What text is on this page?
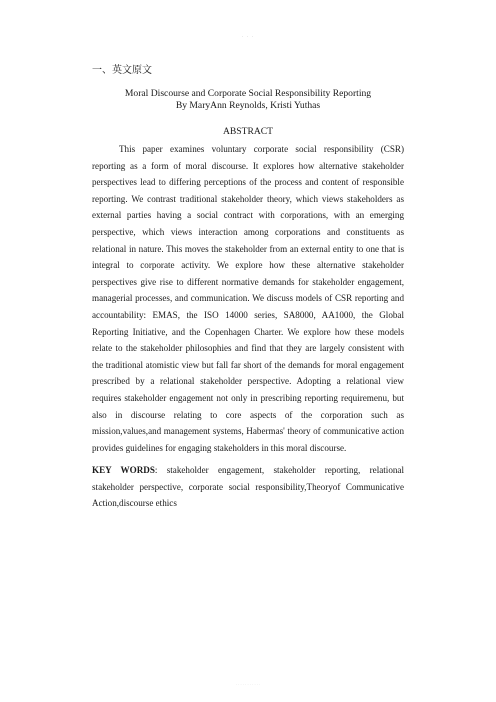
· · ·
一、英文原文
Moral Discourse and Corporate Social Responsibility Reporting
By MaryAnn Reynolds, Kristi Yuthas
ABSTRACT
This paper examines voluntary corporate social responsibility (CSR) reporting as a form of moral discourse. It explores how alternative stakeholder perspectives lead to differing perceptions of the process and content of responsible reporting. We contrast traditional stakeholder theory, which views stakeholders as external parties having a social contract with corporations, with an emerging perspective, which views interaction among corporations and constituents as relational in nature. This moves the stakeholder from an external entity to one that is integral to corporate activity. We explore how these alternative stakeholder perspectives give rise to different normative demands for stakeholder engagement, managerial processes, and communication. We discuss models of CSR reporting and accountability: EMAS, the ISO 14000 series, SA8000, AA1000, the Global Reporting Initiative, and the Copenhagen Charter. We explore how these models relate to the stakeholder philosophies and find that they are largely consistent with the traditional atomistic view but fall far short of the demands for moral engagement prescribed by a relational stakeholder perspective. Adopting a relational view requires stakeholder engagement not only in prescribing reporting requiremenu, but also in discourse relating to core aspects of the corporation such as mission,values,and management systems, Habermas' theory of communicative action provides guidelines for engaging stakeholders in this moral discourse.
KEY WORDS: stakeholder engagement, stakeholder reporting, relational stakeholder perspective, corporate social responsibility,Theoryof Communicative Action,discourse ethics
· · · · · · · · · · ·
